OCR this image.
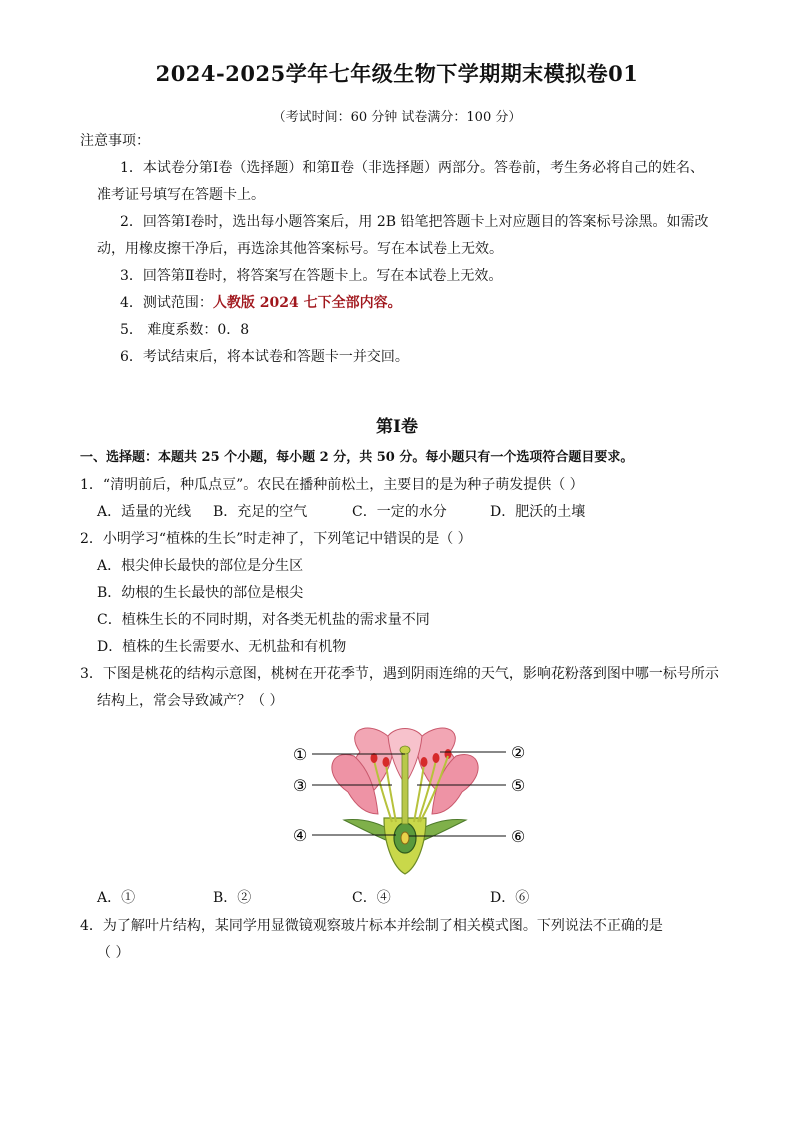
2024-2025学年七年级生物下学期期末模拟卷01
（考试时间：60 分钟 试卷满分：100 分）
注意事项：
1．本试卷分第Ⅰ卷（选择题）和第Ⅱ卷（非选择题）两部分。答卷前，考生务必将自己的姓名、
准考证号填写在答题卡上。
2．回答第Ⅰ卷时，选出每小题答案后，用 2B 铅笔把答题卡上对应题目的答案标号涂黑。如需改
动，用橡皮擦干净后，再选涂其他答案标号。写在本试卷上无效。
3．回答第Ⅱ卷时，将答案写在答题卡上。写在本试卷上无效。
4．测试范围：人教版 2024 七下全部内容。
5． 难度系数：0．8
6．考试结束后，将本试卷和答题卡一并交回。
第Ⅰ卷
一、选择题：本题共 25 个小题，每小题 2 分，共 50 分。每小题只有一个选项符合题目要求。
1．“清明前后，种瓜点豆”。农民在播种前松土，主要目的是为种子萌发提供（ ）
A．适量的光线 B．充足的空气	C．一定的水分	D．肥沃的土壤
2．小明学习“植株的生长”时走神了，下列笔记中错误的是（ ）
A．根尖伸长最快的部位是分生区
B．幼根的生长最快的部位是根尖
C．植株生长的不同时期，对各类无机盐的需求量不同
D．植株的生长需要水、无机盐和有机物
3．下图是桃花的结构示意图，桃树在开花季节，遇到阴雨连绵的天气，影响花粉落到图中哪一标号所示
结构上，常会导致减产？（ ）
①	②
③
④
⑤
⑥
A．①	B．②	C．④	D．⑥
4．为了解叶片结构，某同学用显微镜观察玻片标本并绘制了相关模式图。下列说法不正确的是
（ ）
